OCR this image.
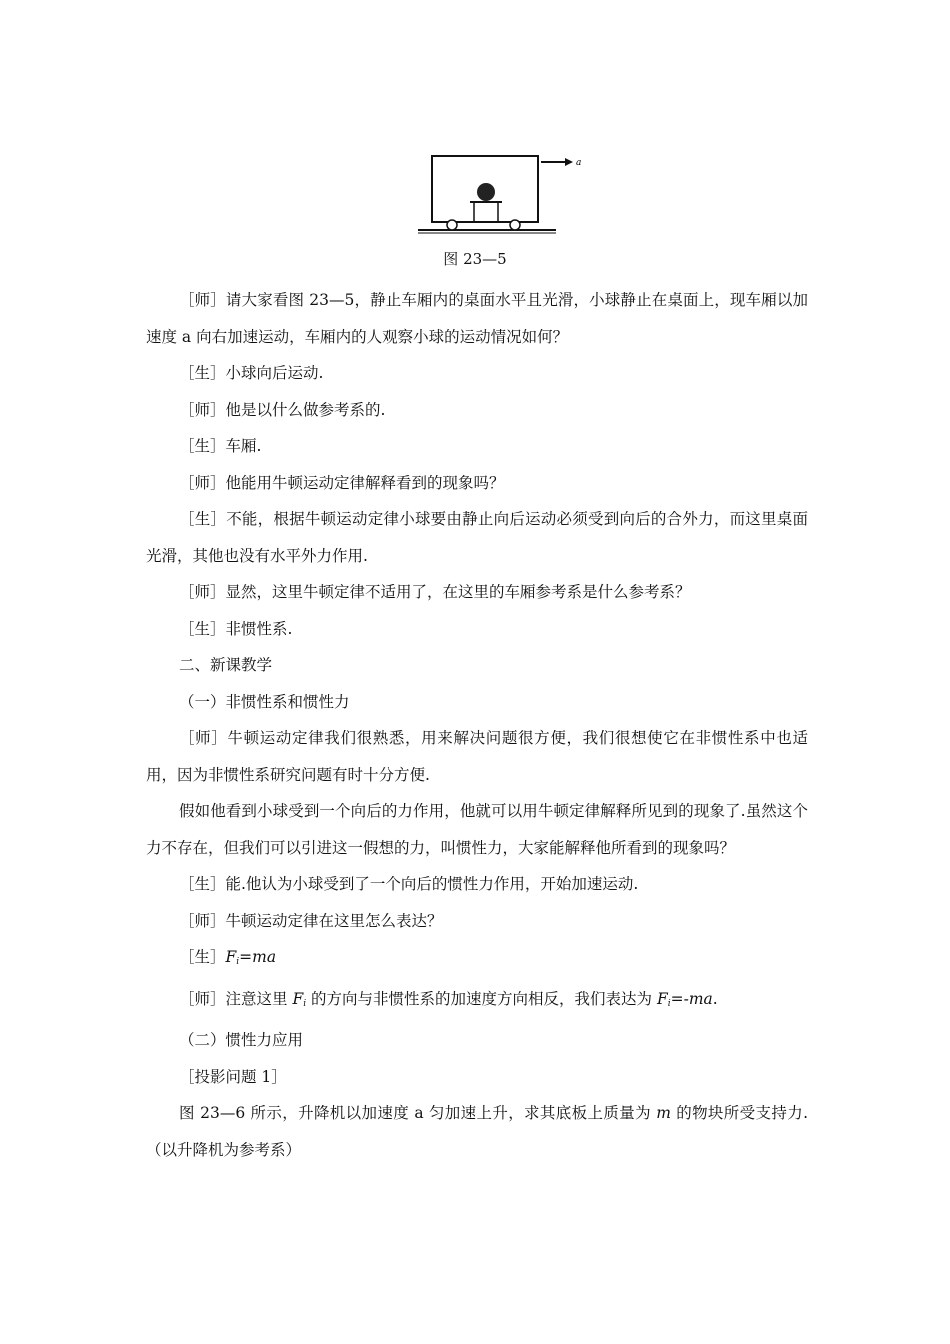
a
图 23—5

［师］请大家看图 23—5，静止车厢内的桌面水平且光滑，小球静止在桌面上，现车厢以加速度 a 向右加速运动，车厢内的人观察小球的运动情况如何？

［生］小球向后运动.

［师］他是以什么做参考系的.

［生］车厢.

［师］他能用牛顿运动定律解释看到的现象吗？

［生］不能，根据牛顿运动定律小球要由静止向后运动必须受到向后的合外力，而这里桌面光滑，其他也没有水平外力作用.

［师］显然，这里牛顿定律不适用了，在这里的车厢参考系是什么参考系？

［生］非惯性系.

二、新课教学

（一）非惯性系和惯性力

［师］牛顿运动定律我们很熟悉，用来解决问题很方便，我们很想使它在非惯性系中也适用，因为非惯性系研究问题有时十分方便.

假如他看到小球受到一个向后的力作用，他就可以用牛顿定律解释所见到的现象了.虽然这个力不存在，但我们可以引进这一假想的力，叫惯性力，大家能解释他所看到的现象吗？

［生］能.他认为小球受到了一个向后的惯性力作用，开始加速运动.

［师］牛顿运动定律在这里怎么表达？

［生$]F_i=ma$

［师］注意这里 $F_i$ 的方向与非惯性系的加速度方向相反，我们表达为 $F_i=-ma$.

（二）惯性力应用

［投影问题 1］

图 23—6 所示，升降机以加速度 a 匀加速上升，求其底板上质量为 m 的物块所受支持力.（以升降机为参考系）
